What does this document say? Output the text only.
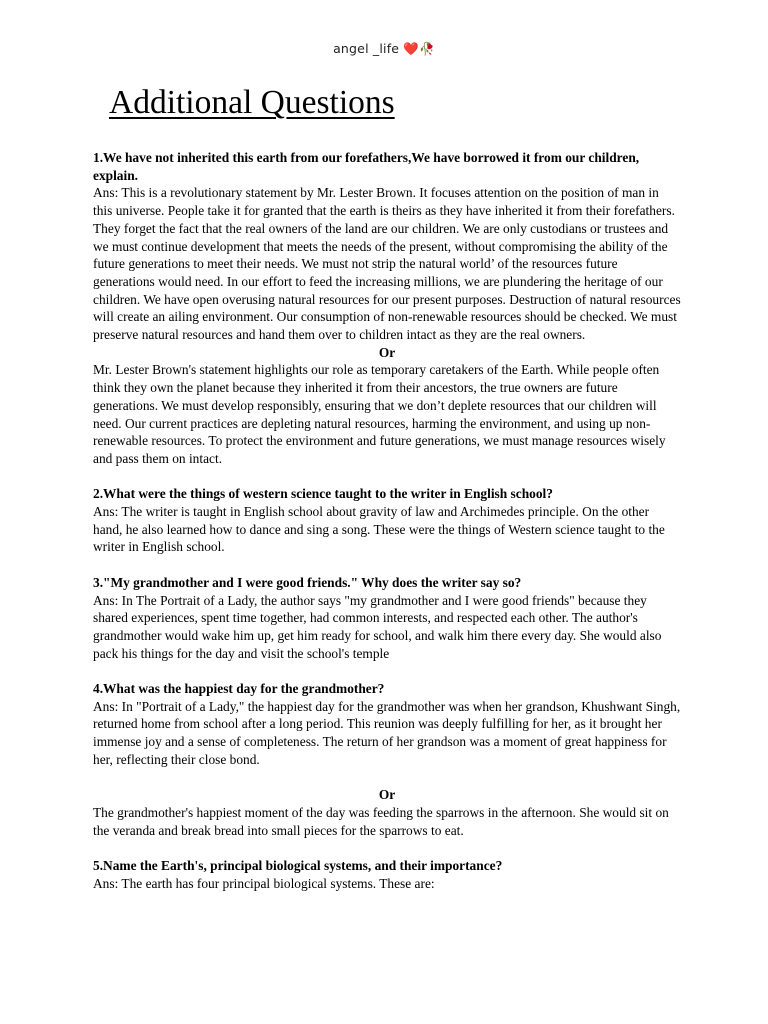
angel _life ❤️🥀
Additional Questions

1.We have not inherited this earth from our forefathers,We have borrowed it from our children, explain.

Ans: This is a revolutionary statement by Mr. Lester Brown. It focuses attention on the position of man in this universe. People take it for granted that the earth is theirs as they have inherited it from their forefathers. They forget the fact that the real owners of the land are our children. We are only custodians or trustees and we must continue development that meets the needs of the present, without compromising the ability of the future generations to meet their needs. We must not strip the natural world’ of the resources future generations would need. In our effort to feed the increasing millions, we are plundering the heritage of our children. We have open overusing natural resources for our present purposes. Destruction of natural resources will create an ailing environment. Our consumption of non-renewable resources should be checked. We must preserve natural resources and hand them over to children intact as they are the real owners.

Or

Mr. Lester Brown's statement highlights our role as temporary caretakers of the Earth. While people often think they own the planet because they inherited it from their ancestors, the true owners are future generations. We must develop responsibly, ensuring that we don’t deplete resources that our children will need. Our current practices are depleting natural resources, harming the environment, and using up non-renewable resources. To protect the environment and future generations, we must manage resources wisely and pass them on intact.

2.What were the things of western science taught to the writer in English school?

Ans: The writer is taught in English school about gravity of law and Archimedes principle. On the other hand, he also learned how to dance and sing a song. These were the things of Western science taught to the writer in English school.

3."My grandmother and I were good friends." Why does the writer say so?

Ans: In The Portrait of a Lady, the author says "my grandmother and I were good friends" because they shared experiences, spent time together, had common interests, and respected each other. The author's grandmother would wake him up, get him ready for school, and walk him there every day. She would also pack his things for the day and visit the school's temple

4.What was the happiest day for the grandmother?

Ans: In "Portrait of a Lady," the happiest day for the grandmother was when her grandson, Khushwant Singh, returned home from school after a long period. This reunion was deeply fulfilling for her, as it brought her immense joy and a sense of completeness. The return of her grandson was a moment of great happiness for her, reflecting their close bond.

Or

The grandmother's happiest moment of the day was feeding the sparrows in the afternoon. She would sit on the veranda and break bread into small pieces for the sparrows to eat.

5.Name the Earth's, principal biological systems, and their importance?

Ans: The earth has four principal biological systems. These are:
